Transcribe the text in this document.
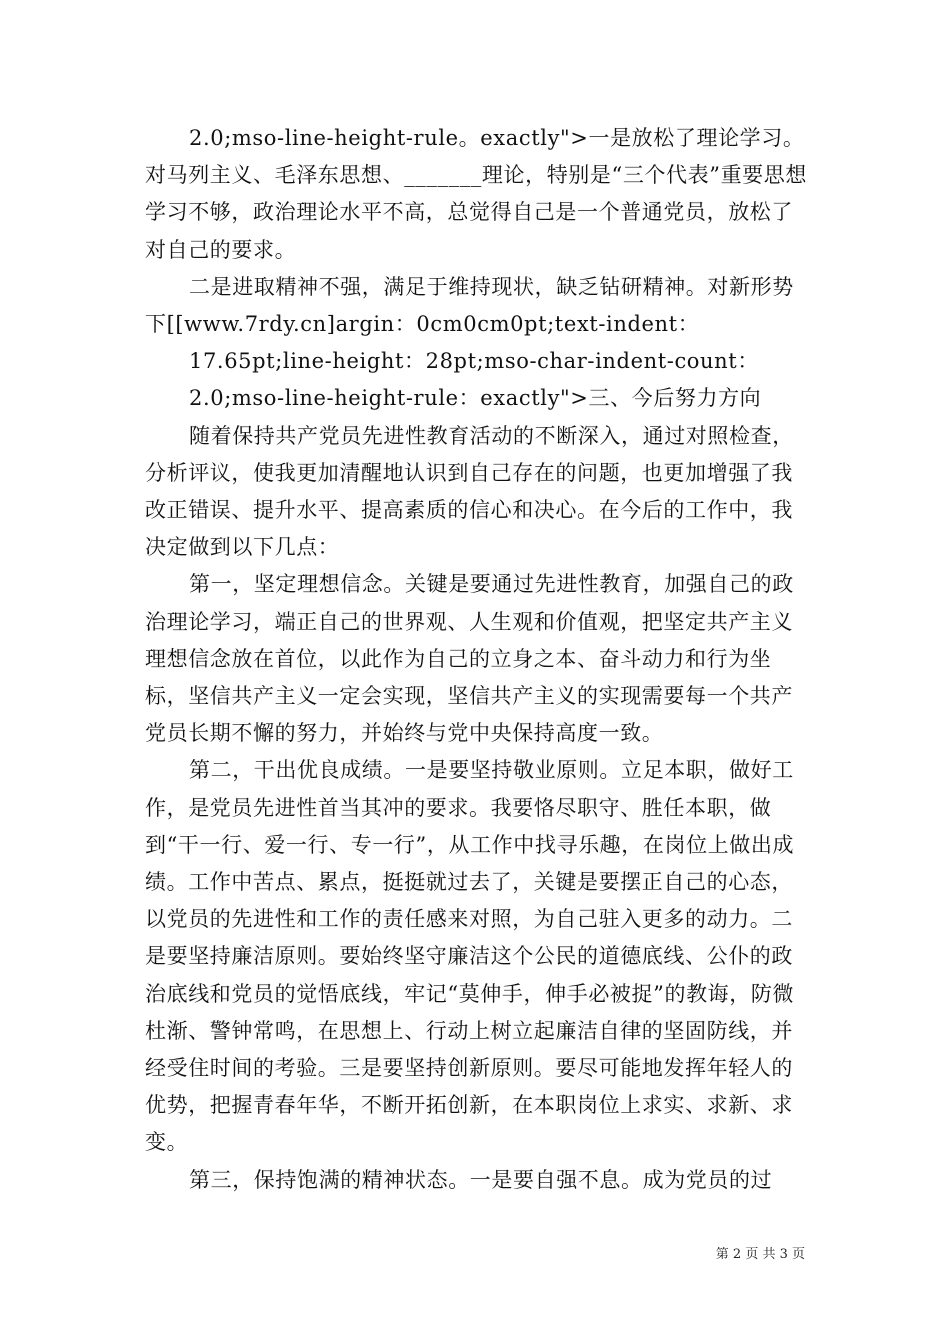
2.0;mso-line-height-rule。exactly">一是放松了理论学习。对马列主义、毛泽东思想、_______理论，特别是“三个代表”重要思想学习不够，政治理论水平不高，总觉得自己是一个普通党员，放松了对自己的要求。

二是进取精神不强，满足于维持现状，缺乏钻研精神。对新形势下[[www.7rdy.cn]argin：0cm0cm0pt;text-indent：

17.65pt;line-height：28pt;mso-char-indent-count：

2.0;mso-line-height-rule：exactly">三、今后努力方向

随着保持共产党员先进性教育活动的不断深入，通过对照检查，分析评议，使我更加清醒地认识到自己存在的问题，也更加增强了我改正错误、提升水平、提高素质的信心和决心。在今后的工作中，我决定做到以下几点：

第一，坚定理想信念。关键是要通过先进性教育，加强自己的政治理论学习，端正自己的世界观、人生观和价值观，把坚定共产主义理想信念放在首位，以此作为自己的立身之本、奋斗动力和行为坐标，坚信共产主义一定会实现，坚信共产主义的实现需要每一个共产党员长期不懈的努力，并始终与党中央保持高度一致。

第二，干出优良成绩。一是要坚持敬业原则。立足本职，做好工作，是党员先进性首当其冲的要求。我要恪尽职守、胜任本职，做到“干一行、爱一行、专一行”，从工作中找寻乐趣，在岗位上做出成绩。工作中苦点、累点，挺挺就过去了，关键是要摆正自己的心态，以党员的先进性和工作的责任感来对照，为自己驻入更多的动力。二是要坚持廉洁原则。要始终坚守廉洁这个公民的道德底线、公仆的政治底线和党员的觉悟底线，牢记“莫伸手，伸手必被捉”的教诲，防微杜渐、警钟常鸣，在思想上、行动上树立起廉洁自律的坚固防线，并经受住时间的考验。三是要坚持创新原则。要尽可能地发挥年轻人的优势，把握青春年华，不断开拓创新，在本职岗位上求实、求新、求变。

第三，保持饱满的精神状态。一是要自强不息。成为党员的过

第 2 页 共 3 页
